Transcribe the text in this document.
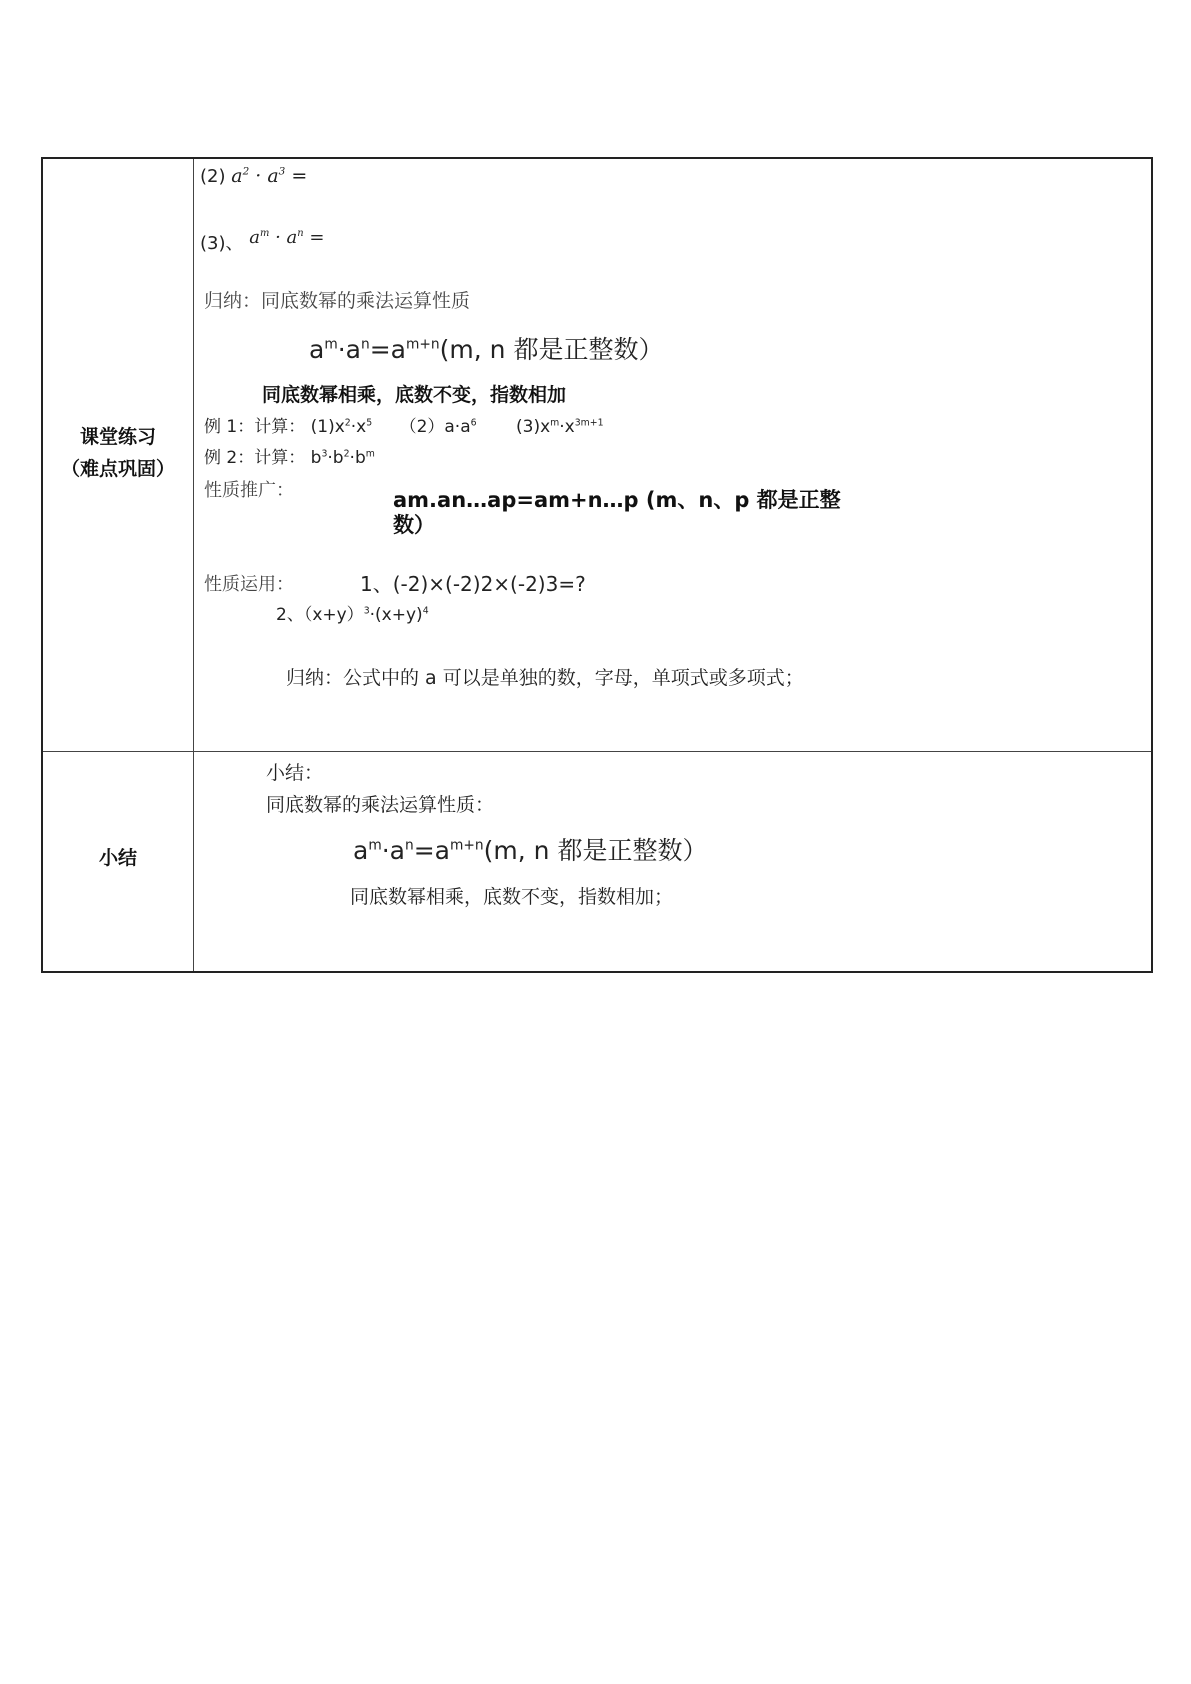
课堂练习
（难点巩固）
小结
(2) $a^2 \cdot a^3$ =
(3)、 $a^m \cdot a^n$ =
归纳：同底数幂的乘法运算性质
$a^m\cdot a^n=a^{m+n}(m$, n 都是正整数）
同底数幂相乘，底数不变，指数相加
例 1：计算： $(1)x^2\cdot x^5$ $(2)a\cdot a^6$ $(3)x^m\cdot x^{3m+1}$
例 2：计算： $b^3\cdot b^2\cdot b^m$
性质推广：	am.an…ap=am+n…p (m、n、p 都是正整
数）
性质运用：	1、(-2)×(-2)2×(-2)3=?
2、$(x+y)^3\cdot(x+y)^4$
归纳：公式中的 a 可以是单独的数，字母，单项式或多项式；
小结：
同底数幂的乘法运算性质：
$a^m\cdot a^n=a^{m+n}(m$, n 都是正整数）
同底数幂相乘，底数不变，指数相加；
